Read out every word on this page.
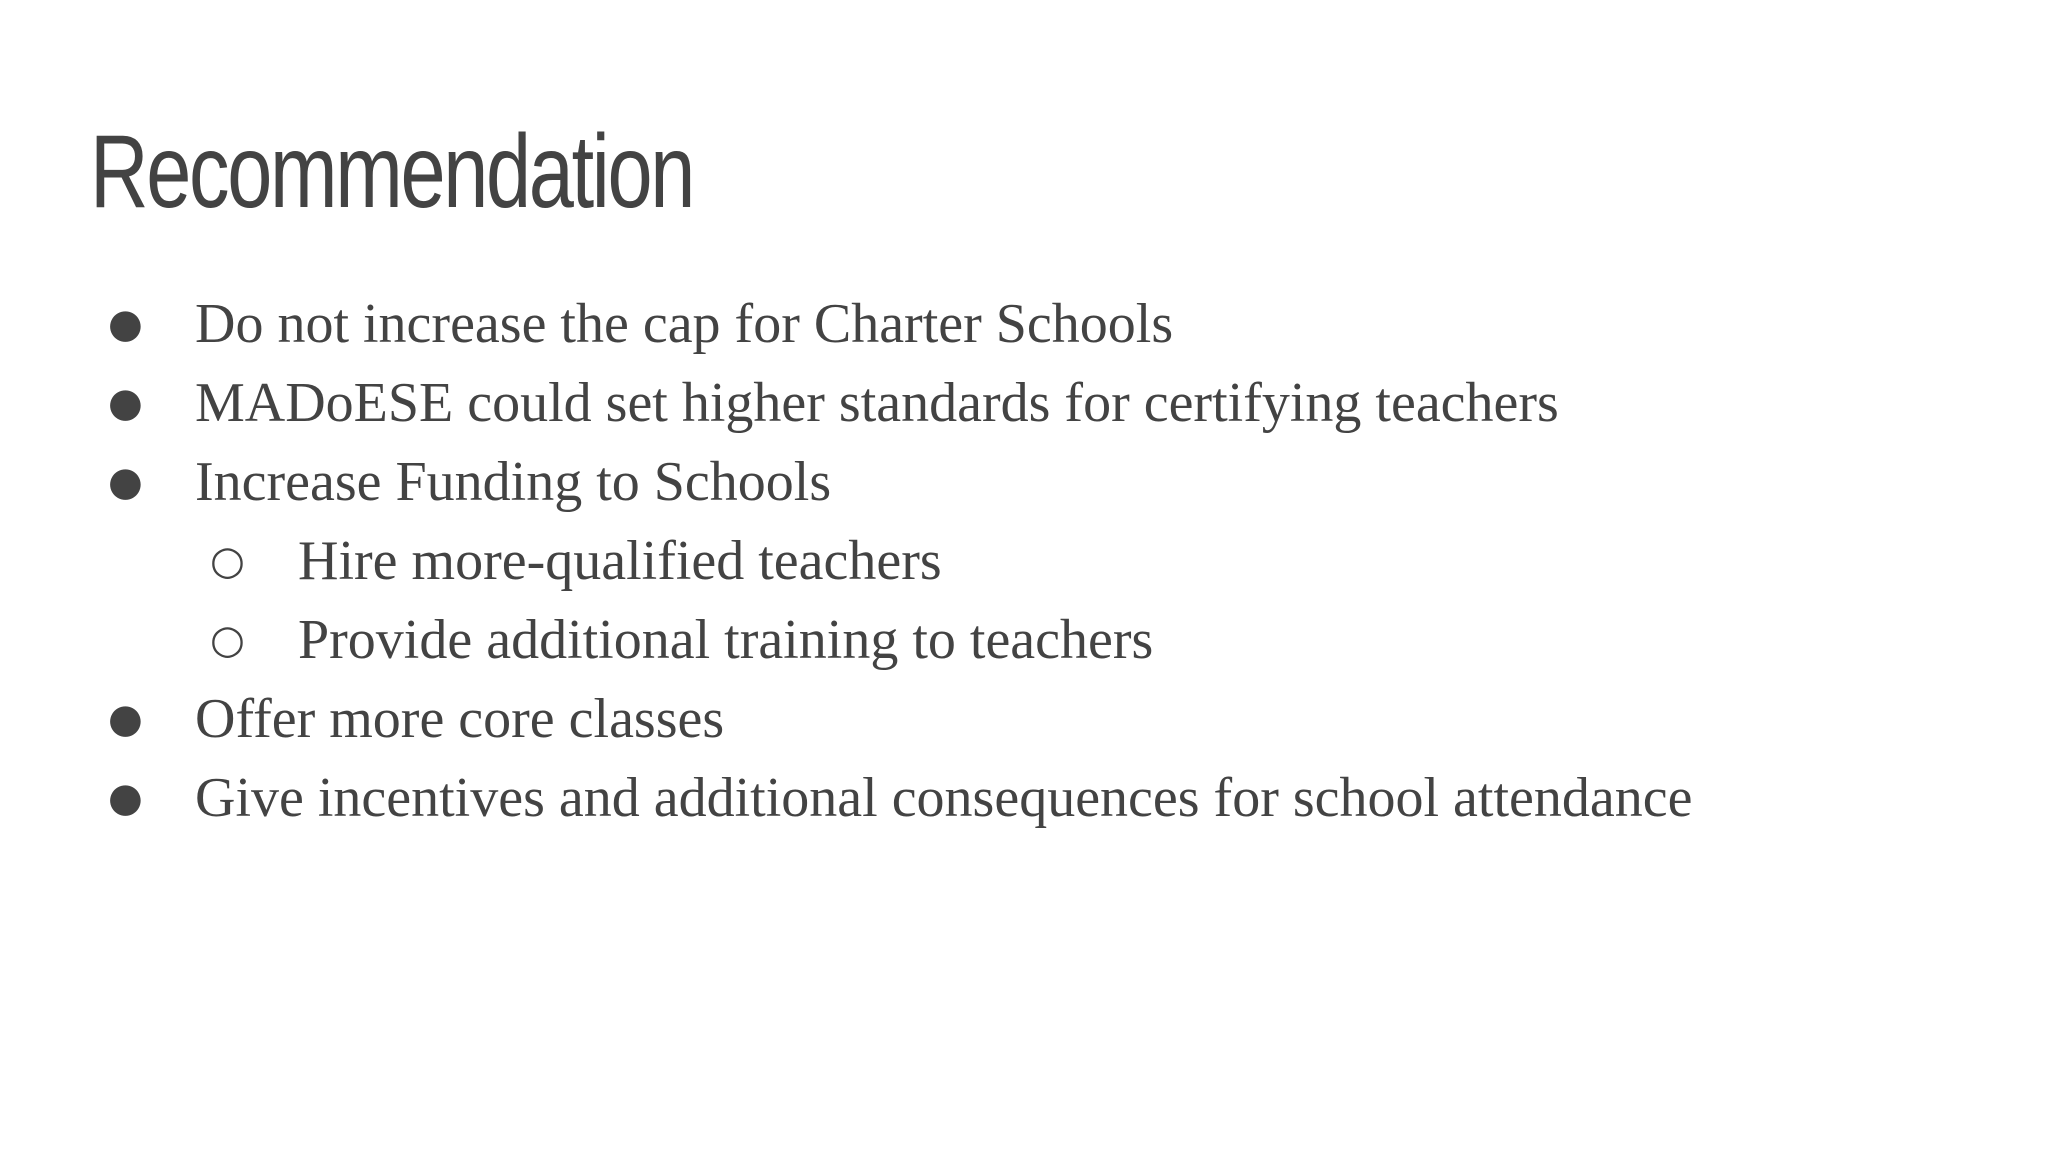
Recommendation
● Do not increase the cap for Charter Schools
● MADoESE could set higher standards for certifying teachers
● Increase Funding to Schools
○ Hire more-qualified teachers
○ Provide additional training to teachers
● Offer more core classes
● Give incentives and additional consequences for school attendance
